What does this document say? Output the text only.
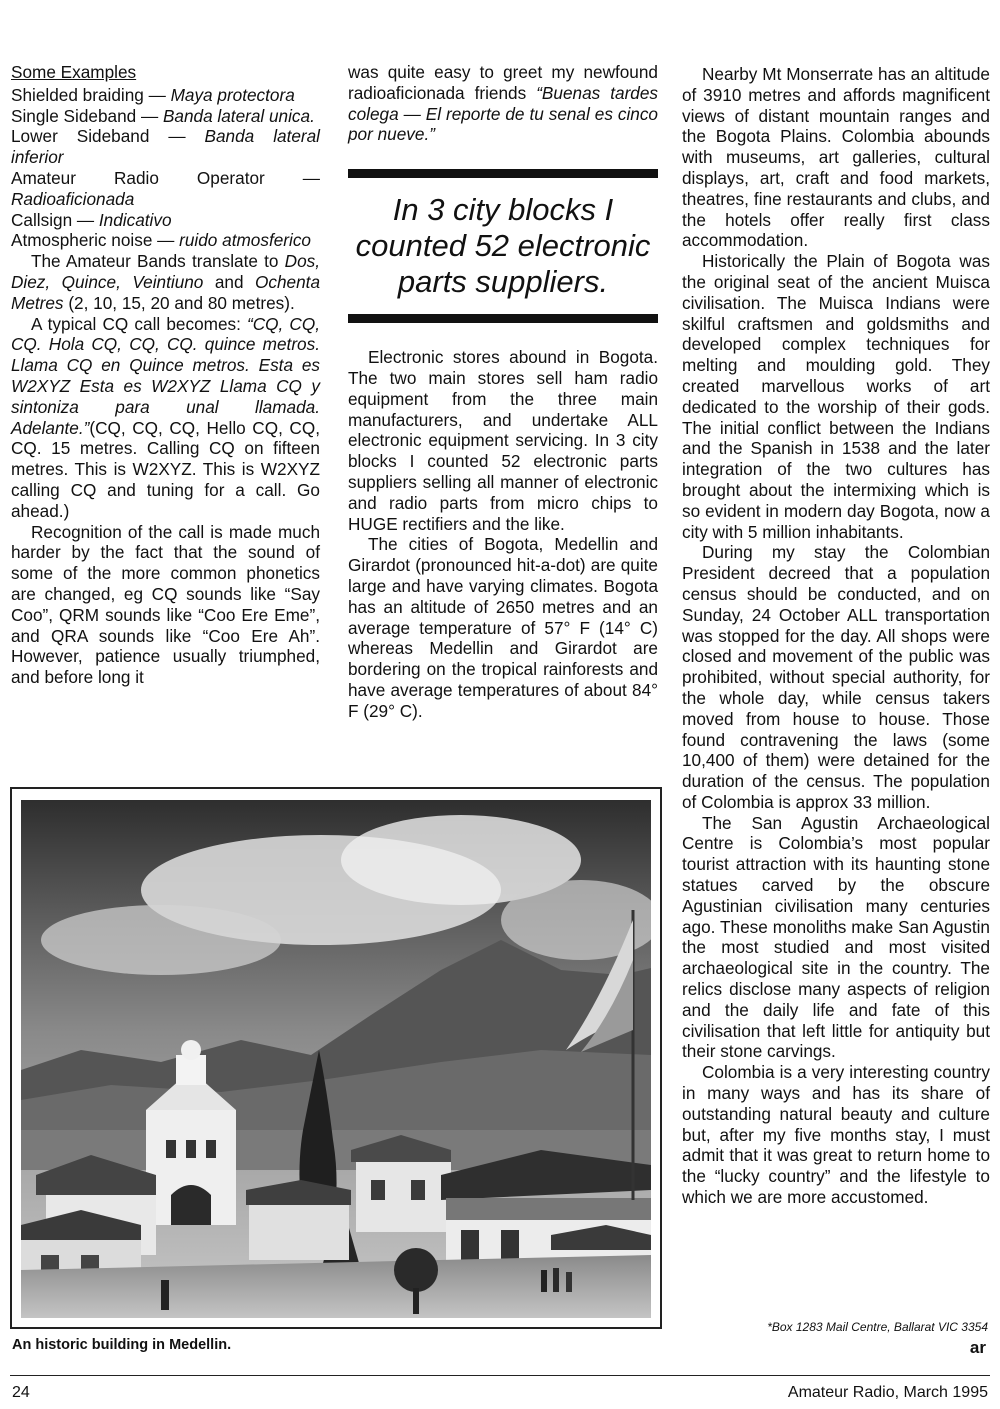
Some Examples

Shielded braiding — Maya protectora

Single Sideband — Banda lateral unica.

Lower Sideband — Banda lateral inferior

Amateur Radio Operator — Radioaficionada

Callsign — Indicativo

Atmospheric noise — ruido atmosferico

The Amateur Bands translate to Dos, Diez, Quince, Veintiuno and Ochenta Metres (2, 10, 15, 20 and 80 metres).

A typical CQ call becomes: “CQ, CQ, CQ. Hola CQ, CQ, CQ. quince metros. Llama CQ en Quince metros. Esta es W2XYZ Esta es W2XYZ Llama CQ y sintoniza para unal llamada. Adelante.”(CQ, CQ, CQ, Hello CQ, CQ, CQ. 15 metres. Calling CQ on fifteen metres. This is W2XYZ. This is W2XYZ calling CQ and tuning for a call. Go ahead.)

Recognition of the call is made much harder by the fact that the sound of some of the more common phonetics are changed, eg CQ sounds like “Say Coo”, QRM sounds like “Coo Ere Eme”, and QRA sounds like “Coo Ere Ah”. However, patience usually triumphed, and before long it

was quite easy to greet my newfound radioaficionada friends “Buenas tardes colega — El reporte de tu senal es cinco por nueve.”

In 3 city blocks I counted 52 electronic parts suppliers.

Electronic stores abound in Bogota. The two main stores sell ham radio equipment from the three main manufacturers, and undertake ALL electronic equipment servicing. In 3 city blocks I counted 52 electronic parts suppliers selling all manner of electronic and radio parts from micro chips to HUGE rectifiers and the like.

The cities of Bogota, Medellin and Girardot (pronounced hit-a-dot) are quite large and have varying climates. Bogota has an altitude of 2650 metres and an average temperature of 57° F (14° C) whereas Medellin and Girardot are bordering on the tropical rainforests and have average temperatures of about 84° F (29° C).

Nearby Mt Monserrate has an altitude of 3910 metres and affords magnificent views of distant mountain ranges and the Bogota Plains. Colombia abounds with museums, art galleries, cultural displays, art, craft and food markets, theatres, fine restaurants and clubs, and the hotels offer really first class accommodation.

Historically the Plain of Bogota was the original seat of the ancient Muisca civilisation. The Muisca Indians were skilful craftsmen and goldsmiths and developed complex techniques for melting and moulding gold. They created marvellous works of art dedicated to the worship of their gods. The initial conflict between the Indians and the Spanish in 1538 and the later integration of the two cultures has brought about the intermixing which is so evident in modern day Bogota, now a city with 5 million inhabitants.

During my stay the Colombian President decreed that a population census should be conducted, and on Sunday, 24 October ALL transportation was stopped for the day. All shops were closed and movement of the public was prohibited, without special authority, for the whole day, while census takers moved from house to house. Those found contravening the laws (some 10,400 of them) were detained for the duration of the census. The population of Colombia is approx 33 million.

The San Agustin Archaeological Centre is Colombia’s most popular tourist attraction with its haunting stone statues carved by the obscure Agustinian civilisation many centuries ago. These monoliths make San Agustin the most studied and most visited archaeological site in the country. The relics disclose many aspects of religion and the daily life and fate of this civilisation that left little for antiquity but their stone carvings.

Colombia is a very interesting country in many ways and has its share of outstanding natural beauty and culture but, after my five months stay, I must admit that it was great to return home to the “lucky country” and the lifestyle to which we are more accustomed.

An historic building in Medellin.
*Box 1283 Mail Centre, Ballarat VIC 3354
ar
24	Amateur Radio, March 1995
